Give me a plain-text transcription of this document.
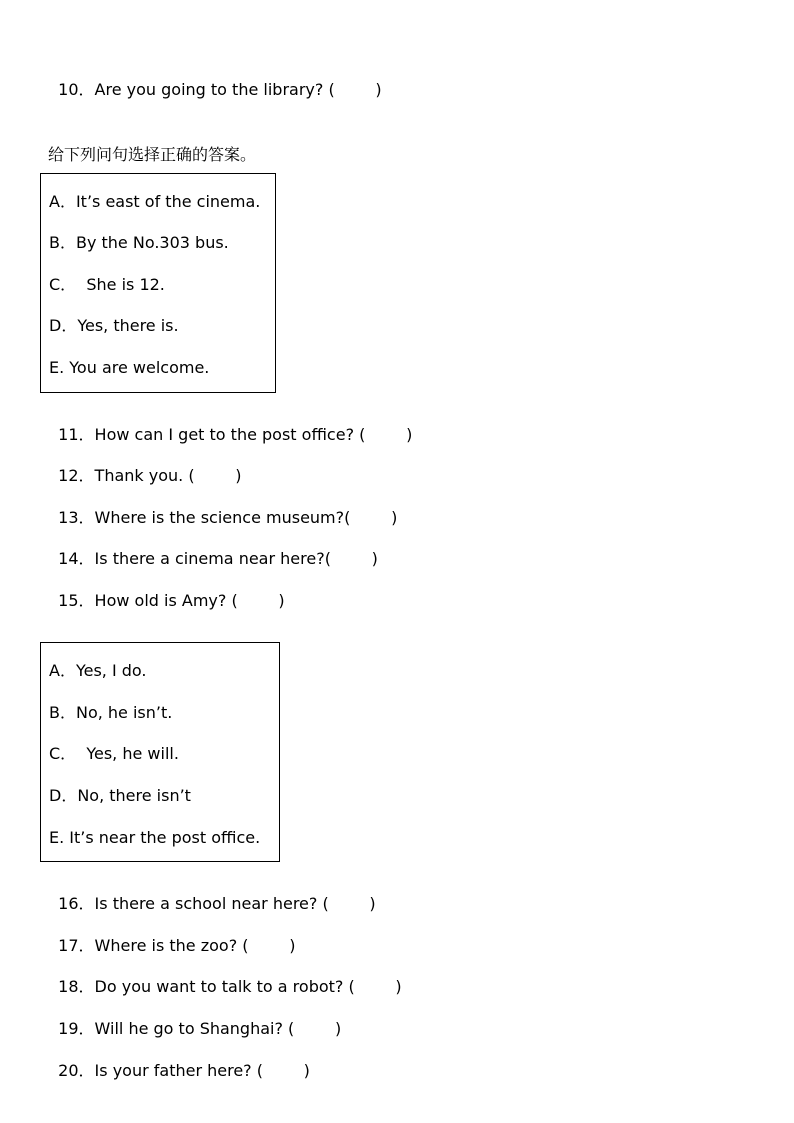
10．Are you going to the library? (        )

给下列问句选择正确的答案。
A．It’s east of the cinema.
B．By the No.303 bus.
C．  She is 12.
D．Yes, there is.
E. You are welcome.

11．How can I get to the post office? (        )

12．Thank you. (        )

13．Where is the science museum?(        )

14．Is there a cinema near here?(        )

15．How old is Amy? (        )

A．Yes, I do.
B．No, he isn’t.
C．  Yes, he will.
D．No, there isn’t
E. It’s near the post office.

16．Is there a school near here? (        )

17．Where is the zoo? (        )

18．Do you want to talk to a robot? (        )

19．Will he go to Shanghai? (        )

20．Is your father here? (        )
